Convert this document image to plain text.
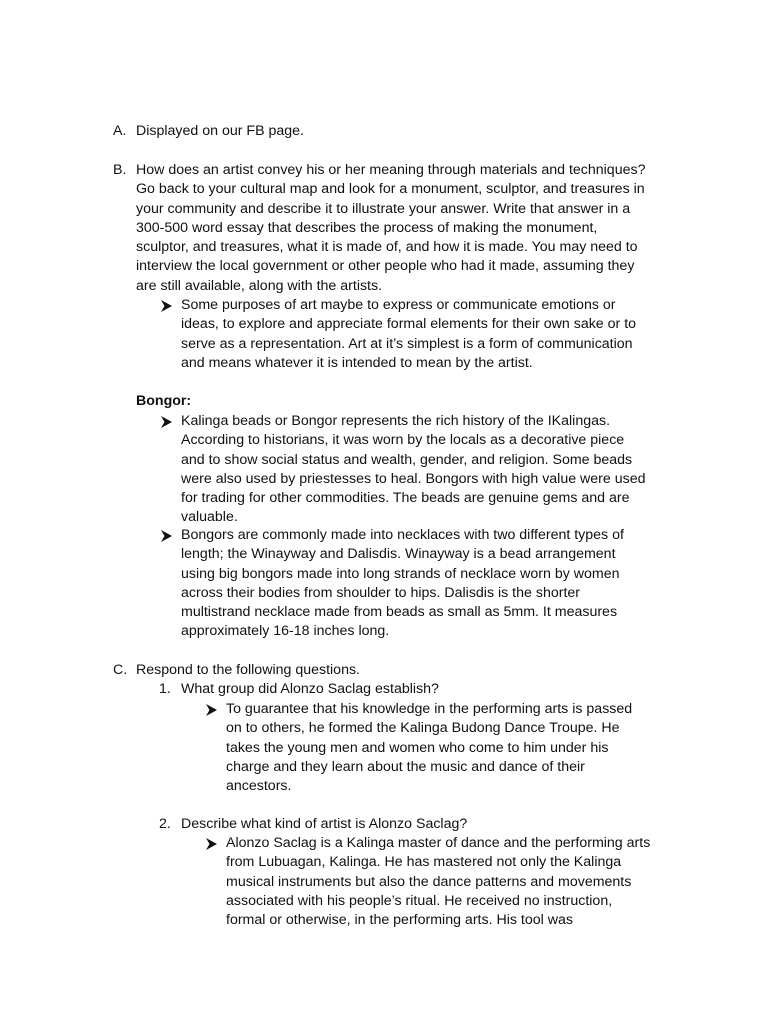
A. Displayed on our FB page.
B. How does an artist convey his or her meaning through materials and techniques?
Go back to your cultural map and look for a monument, sculptor, and treasures in
your community and describe it to illustrate your answer. Write that answer in a
300-500 word essay that describes the process of making the monument,
sculptor, and treasures, what it is made of, and how it is made. You may need to
interview the local government or other people who had it made, assuming they
are still available, along with the artists.
Some purposes of art maybe to express or communicate emotions or
ideas, to explore and appreciate formal elements for their own sake or to
serve as a representation. Art at it’s simplest is a form of communication
and means whatever it is intended to mean by the artist.
Bongor:
Kalinga beads or Bongor represents the rich history of the IKalingas.
According to historians, it was worn by the locals as a decorative piece
and to show social status and wealth, gender, and religion. Some beads
were also used by priestesses to heal. Bongors with high value were used
for trading for other commodities. The beads are genuine gems and are
valuable.
Bongors are commonly made into necklaces with two different types of
length; the Winayway and Dalisdis. Winayway is a bead arrangement
using big bongors made into long strands of necklace worn by women
across their bodies from shoulder to hips. Dalisdis is the shorter
multistrand necklace made from beads as small as 5mm. It measures
approximately 16-18 inches long.
C. Respond to the following questions.
1. What group did Alonzo Saclag establish?
To guarantee that his knowledge in the performing arts is passed
on to others, he formed the Kalinga Budong Dance Troupe. He
takes the young men and women who come to him under his
charge and they learn about the music and dance of their
ancestors.
2. Describe what kind of artist is Alonzo Saclag?
Alonzo Saclag is a Kalinga master of dance and the performing arts
from Lubuagan, Kalinga. He has mastered not only the Kalinga
musical instruments but also the dance patterns and movements
associated with his people’s ritual. He received no instruction,
formal or otherwise, in the performing arts. His tool was
